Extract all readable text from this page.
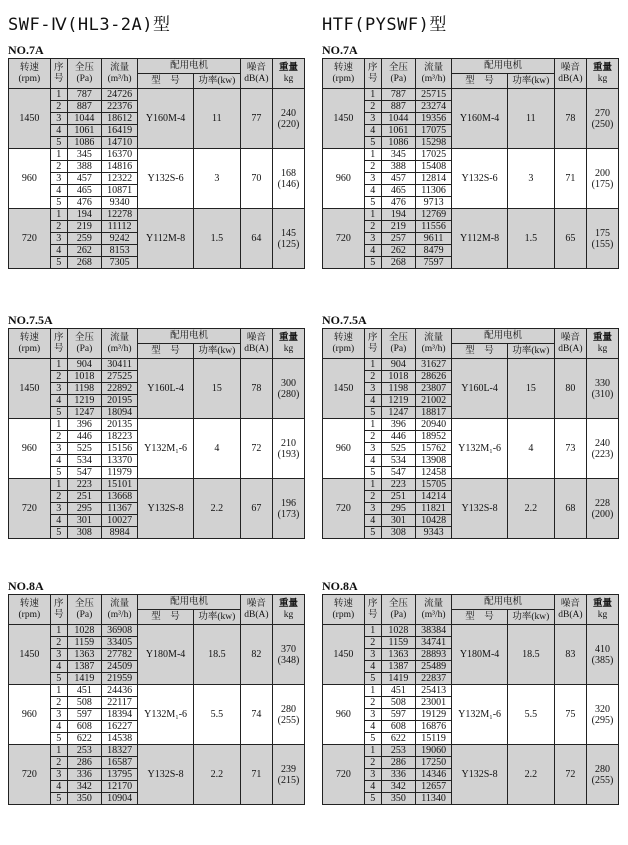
SWF-Ⅳ(HL3-2A)型	HTF(PYSWF)型
NO.7A
转速
(rpm)	序
号	全压
(Pa)	流量
(m³/h)	配用电机		噪音
dB(A)	重量
kg

				型　号	功率(kw)		
1450	1	787	24726	Y160M-4	11	77	240
(220)

	2	887	22376				
	3	1044	18612				
	4	1061	16419				
	5	1086	14710				
960	1	345	16370	Y132S-6	3	70	168
(146)

	2	388	14816				
	3	457	12322				
	4	465	10871				
	5	476	9340				
720	1	194	12278	Y112M-8	1.5	64	145
(125)

	2	219	11112				
	3	259	9242				
	4	262	8153				
	5	268	7305				
NO.7.5A
转速
(rpm)	序
号	全压
(Pa)	流量
(m³/h)	配用电机		噪音
dB(A)	重量
kg

				型　号	功率(kw)		
1450	1	904	30411	Y160L-4	15	78	300
(280)

	2	1018	27525				
	3	1198	22892				
	4	1219	20195				
	5	1247	18094				
960	1	396	20135	Y132M₁-6	4	72	210
(193)

	2	446	18223				
	3	525	15156				
	4	534	13370				
	5	547	11979				
720	1	223	15101	Y132S-8	2.2	67	196
(173)

	2	251	13668				
	3	295	11367				
	4	301	10027				
	5	308	8984				
NO.8A
转速
(rpm)	序
号	全压
(Pa)	流量
(m³/h)	配用电机		噪音
dB(A)	重量
kg

				型　号	功率(kw)		
1450	1	1028	36908	Y180M-4	18.5	82	370
(348)

	2	1159	33405				
	3	1363	27782				
	4	1387	24509				
	5	1419	21959				
960	1	451	24436	Y132M₁-6	5.5	74	280
(255)

	2	508	22117				
	3	597	18394				
	4	608	16227				
	5	622	14538				
720	1	253	18327	Y132S-8	2.2	71	239
(215)

	2	286	16587				
	3	336	13795				
	4	342	12170				
	5	350	10904				
NO.7A
转速
(rpm)	序
号	全压
(Pa)	流量
(m³/h)	配用电机		噪音
dB(A)	重量
kg

				型　号	功率(kw)		
1450	1	787	25715	Y160M-4	11	78	270
(250)

	2	887	23274				
	3	1044	19356				
	4	1061	17075				
	5	1086	15298				
960	1	345	17025	Y132S-6	3	71	200
(175)

	2	388	15408				
	3	457	12814				
	4	465	11306				
	5	476	9713				
720	1	194	12769	Y112M-8	1.5	65	175
(155)

	2	219	11556				
	3	257	9611				
	4	262	8479				
	5	268	7597				
NO.7.5A
转速
(rpm)	序
号	全压
(Pa)	流量
(m³/h)	配用电机		噪音
dB(A)	重量
kg

				型　号	功率(kw)		
1450	1	904	31627	Y160L-4	15	80	330
(310)

	2	1018	28626				
	3	1198	23807				
	4	1219	21002				
	5	1247	18817				
960	1	396	20940	Y132M₁-6	4	73	240
(223)

	2	446	18952				
	3	525	15762				
	4	534	13908				
	5	547	12458				
720	1	223	15705	Y132S-8	2.2	68	228
(200)

	2	251	14214				
	3	295	11821				
	4	301	10428				
	5	308	9343				
NO.8A
转速
(rpm)	序
号	全压
(Pa)	流量
(m³/h)	配用电机		噪音
dB(A)	重量
kg

				型　号	功率(kw)		
1450	1	1028	38384	Y180M-4	18.5	83	410
(385)

	2	1159	34741				
	3	1363	28893				
	4	1387	25489				
	5	1419	22837				
960	1	451	25413	Y132M₁-6	5.5	75	320
(295)

	2	508	23001				
	3	597	19129				
	4	608	16876				
	5	622	15119				
720	1	253	19060	Y132S-8	2.2	72	280
(255)

	2	286	17250				
	3	336	14346				
	4	342	12657				
	5	350	11340				
